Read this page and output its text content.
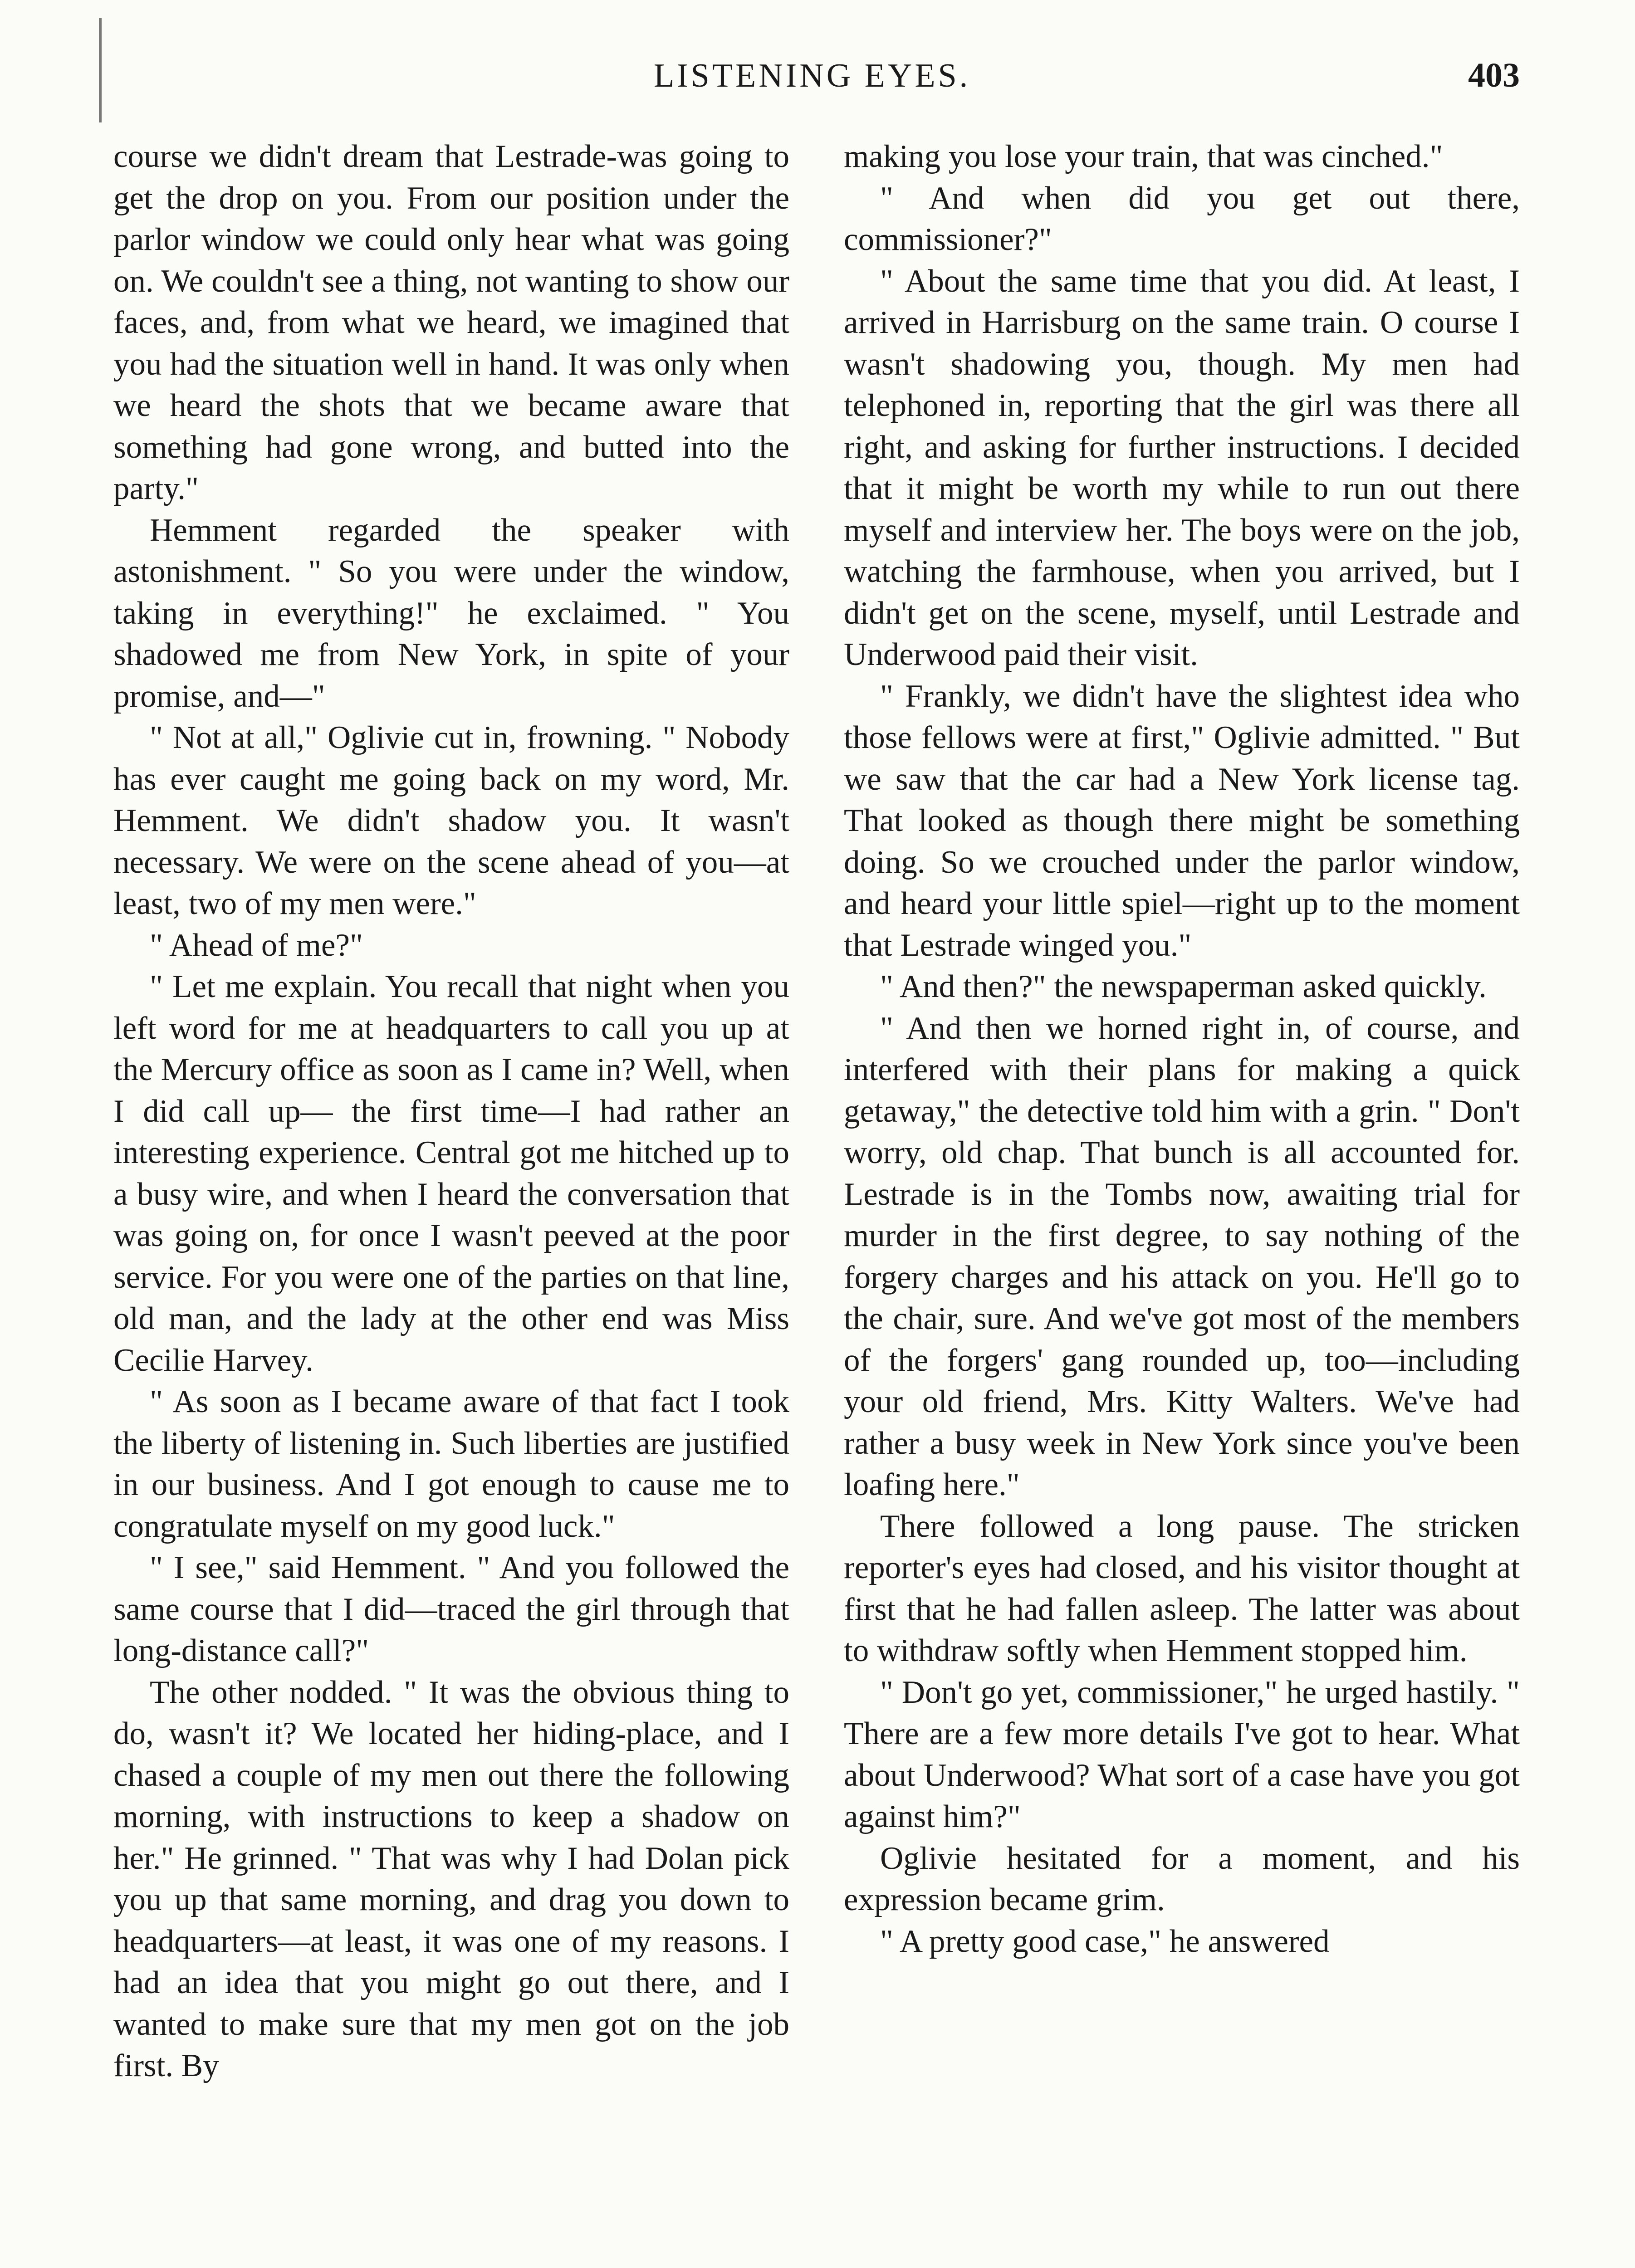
LISTENING EYES.	403

course we didn't dream that Lestrade-was going to get the drop on you. From our position under the parlor window we could only hear what was going on. We couldn't see a thing, not wanting to show our faces, and, from what we heard, we imagined that you had the situation well in hand. It was only when we heard the shots that we became aware that something had gone wrong, and butted into the party."

Hemment regarded the speaker with astonishment. " So you were under the window, taking in everything!" he exclaimed. " You shadowed me from New York, in spite of your promise, and—"

" Not at all," Oglivie cut in, frowning. " Nobody has ever caught me going back on my word, Mr. Hemment. We didn't shadow you. It wasn't necessary. We were on the scene ahead of you—at least, two of my men were."

" Ahead of me?"

" Let me explain. You recall that night when you left word for me at headquarters to call you up at the Mercury office as soon as I came in? Well, when I did call up— the first time—I had rather an interesting experience. Central got me hitched up to a busy wire, and when I heard the conversation that was going on, for once I wasn't peeved at the poor service. For you were one of the parties on that line, old man, and the lady at the other end was Miss Cecilie Harvey.

" As soon as I became aware of that fact I took the liberty of listening in. Such liberties are justified in our business. And I got enough to cause me to congratulate myself on my good luck."

" I see," said Hemment. " And you followed the same course that I did—traced the girl through that long-distance call?"

The other nodded. " It was the obvious thing to do, wasn't it? We located her hiding-place, and I chased a couple of my men out there the following morning, with instructions to keep a shadow on her." He grinned. " That was why I had Dolan pick you up that same morning, and drag you down to headquarters—at least, it was one of my reasons. I had an idea that you might go out there, and I wanted to make sure that my men got on the job first. By

making you lose your train, that was cinched."

" And when did you get out there, commissioner?"

" About the same time that you did. At least, I arrived in Harrisburg on the same train. O course I wasn't shadowing you, though. My men had telephoned in, reporting that the girl was there all right, and asking for further instructions. I decided that it might be worth my while to run out there myself and interview her. The boys were on the job, watching the farmhouse, when you arrived, but I didn't get on the scene, myself, until Lestrade and Underwood paid their visit.

" Frankly, we didn't have the slightest idea who those fellows were at first," Oglivie admitted. " But we saw that the car had a New York license tag. That looked as though there might be something doing. So we crouched under the parlor window, and heard your little spiel—right up to the moment that Lestrade winged you."

" And then?" the newspaperman asked quickly.

" And then we horned right in, of course, and interfered with their plans for making a quick getaway," the detective told him with a grin. " Don't worry, old chap. That bunch is all accounted for. Lestrade is in the Tombs now, awaiting trial for murder in the first degree, to say nothing of the forgery charges and his attack on you. He'll go to the chair, sure. And we've got most of the members of the forgers' gang rounded up, too—including your old friend, Mrs. Kitty Walters. We've had rather a busy week in New York since you've been loafing here."

There followed a long pause. The stricken reporter's eyes had closed, and his visitor thought at first that he had fallen asleep. The latter was about to withdraw softly when Hemment stopped him.

" Don't go yet, commissioner," he urged hastily. " There are a few more details I've got to hear. What about Underwood? What sort of a case have you got against him?"

Oglivie hesitated for a moment, and his expression became grim.

" A pretty good case," he answered
